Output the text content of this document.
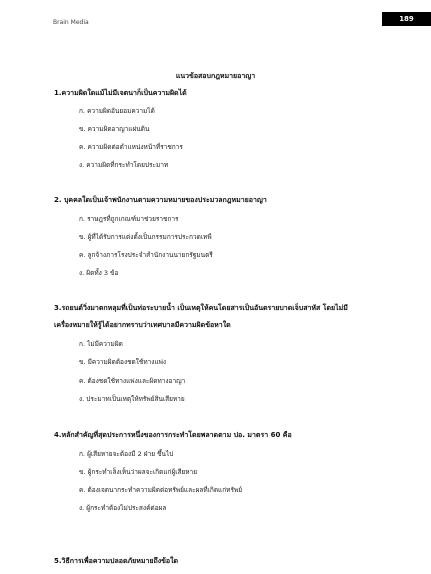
Brain Media	189
แนวข้อสอบกฎหมายอาญา
1.ความผิดใดแม้ไม่มีเจตนาก็เป็นความผิดได้
ก. ความผิดอันยอมความได้
ข. ความผิดอาญาแผ่นดิน
ค. ความผิดต่อตำแหน่งหน้าที่ราชการ
ง. ความผิดที่กระทำโดยประมาท
2. บุคคลใดเป็นเจ้าพนักงานตามความหมายของประมวลกฎหมายอาญา
ก. ราษฎรที่ถูกเกณฑ์มาช่วยราชการ
ข. ผู้ที่ได้รับการแต่งตั้งเป็นกรรมการประกวดเทพี
ค. ลูกจ้างภารโรงประจำสำนักงานนายกรัฐมนตรี
ง. ผิดทั้ง 3 ข้อ
3.รถยนต์วิ่งมาตกหลุมที่เป็นท่อระบายน้ำ เป็นเหตุให้คนโดยสารเป็นอันตรายบาดเจ็บสาหัส โดยไม่มี
เครื่องหมายให้รู้ได้อยากทราบว่าเทศบาลมีความผิดข้อหาใด
ก. ไม่มีความผิด
ข. มีความผิดต้องชดใช้ทางแพ่ง
ค. ต้องชดใช้ทางแพ่งและผิดทางอาญา
ง. ประมาทเป็นเหตุให้ทรัพย์สินเสียหาย
4.หลักสำคัญที่สุดประการหนึ่งของการกระทำโดยพลาดตาม ปอ. มาตรา 60 คือ
ก. ผู้เสียหายจะต้องมี 2 ฝ่าย ขึ้นไป
ข. ผู้กระทำเล็งเห็นว่าผลจะเกิดแก่ผู้เสียหาย
ค. ต้องเจตนากระทำความผิดต่อทรัพย์และผลที่เกิดแก่ทรัพย์
ง. ผู้กระทำต้องไม่ประสงค์ต่อผล
5.วิธีการเพื่อความปลอดภัยหมายถึงข้อใด
